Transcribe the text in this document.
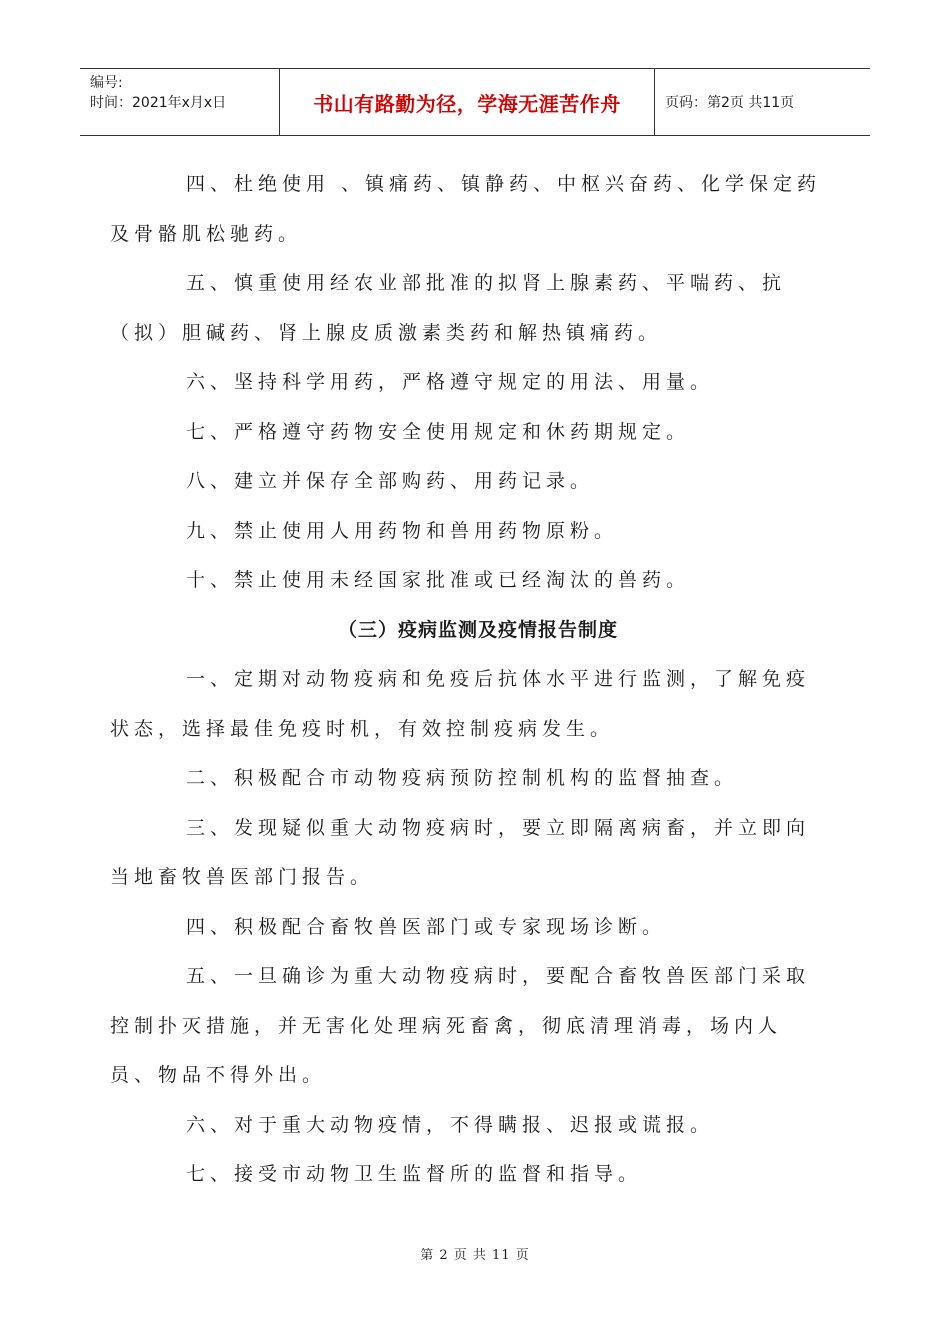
编号:
时间：2021年x月x日	书山有路勤为径，学海无涯苦作舟	页码：第2页 共11页

四、杜绝使用 、镇痛药、镇静药、中枢兴奋药、化学保定药
及骨骼肌松驰药。

五、慎重使用经农业部批准的拟肾上腺素药、平喘药、抗
（拟）胆碱药、肾上腺皮质激素类药和解热镇痛药。

六、坚持科学用药，严格遵守规定的用法、用量。

七、严格遵守药物安全使用规定和休药期规定。

八、建立并保存全部购药、用药记录。

九、禁止使用人用药物和兽用药物原粉。

十、禁止使用未经国家批准或已经淘汰的兽药。

（三）疫病监测及疫情报告制度

一、定期对动物疫病和免疫后抗体水平进行监测，了解免疫
状态，选择最佳免疫时机，有效控制疫病发生。

二、积极配合市动物疫病预防控制机构的监督抽查。

三、发现疑似重大动物疫病时，要立即隔离病畜，并立即向
当地畜牧兽医部门报告。

四、积极配合畜牧兽医部门或专家现场诊断。

五、一旦确诊为重大动物疫病时，要配合畜牧兽医部门采取
控制扑灭措施，并无害化处理病死畜禽，彻底清理消毒，场内人
员、物品不得外出。

六、对于重大动物疫情，不得瞒报、迟报或谎报。

七、接受市动物卫生监督所的监督和指导。

第 2 页 共 11 页
